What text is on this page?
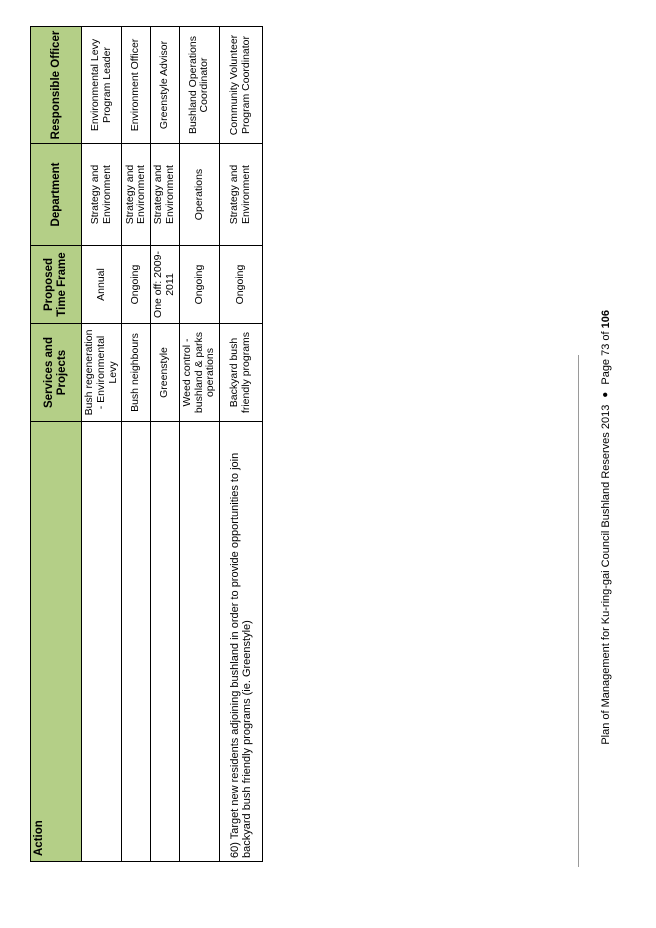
Action	Services and Projects	Proposed Time Frame	Department	Responsible Officer
	Bush regeneration - Environmental Levy	Annual	Strategy and Environment	Environmental Levy Program Leader
	Bush neighbours	Ongoing	Strategy and Environment	Environment Officer
	Greenstyle	One off: 2009-2011	Strategy and Environment	Greenstyle Advisor
	Weed control - bushland & parks operations	Ongoing	Operations	Bushland Operations Coordinator
60) Target new residents adjoining bushland in order to provide opportunities to join backyard bush friendly programs (ie. Greenstyle)	Backyard bush friendly programs	Ongoing	Strategy and Environment	Community Volunteer Program Coordinator
Plan of Management for Ku-ring-gai Council Bushland Reserves 2013●Page 73 of 106
